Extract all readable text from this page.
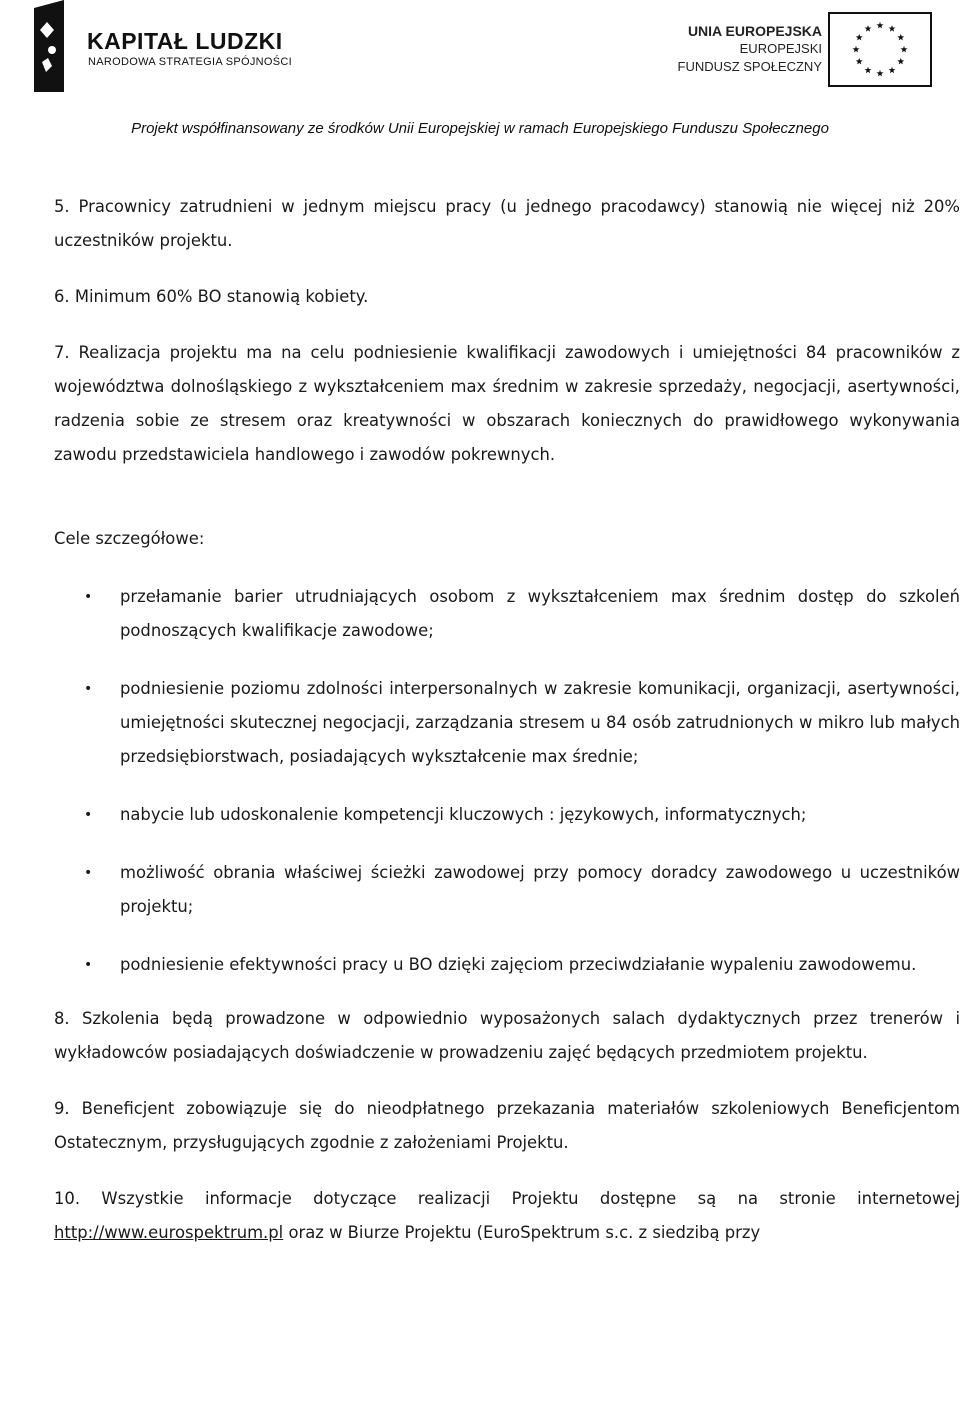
KAPITAŁ LUDZKI
NARODOWA STRATEGIA SPÓJNOŚCI
UNIA EUROPEJSKA
EUROPEJSKI
FUNDUSZ SPOŁECZNY
Projekt współfinansowany ze środków Unii Europejskiej w ramach Europejskiego Funduszu Społecznego

5. Pracownicy zatrudnieni w jednym miejscu pracy (u jednego pracodawcy) stanowią nie więcej niż 20% uczestników projektu.

6. Minimum 60% BO stanowią kobiety.

7. Realizacja projektu ma na celu podniesienie kwalifikacji zawodowych i umiejętności 84 pracowników z województwa dolnośląskiego z wykształceniem max średnim w zakresie sprzedaży, negocjacji, asertywności, radzenia sobie ze stresem oraz kreatywności w obszarach koniecznych do prawidłowego wykonywania zawodu przedstawiciela handlowego i zawodów pokrewnych.

Cele szczegółowe:

• przełamanie barier utrudniających osobom z wykształceniem max średnim dostęp do szkoleń podnoszących kwalifikacje zawodowe;
• podniesienie poziomu zdolności interpersonalnych w zakresie komunikacji, organizacji, asertywności, umiejętności skutecznej negocjacji, zarządzania stresem u 84 osób zatrudnionych w mikro lub małych przedsiębiorstwach, posiadających wykształcenie max średnie;
• nabycie lub udoskonalenie kompetencji kluczowych : językowych, informatycznych;
• możliwość obrania właściwej ścieżki zawodowej przy pomocy doradcy zawodowego u uczestników projektu;
• podniesienie efektywności pracy u BO dzięki zajęciom przeciwdziałanie wypaleniu zawodowemu.

8. Szkolenia będą prowadzone w odpowiednio wyposażonych salach dydaktycznych przez trenerów i wykładowców posiadających doświadczenie w prowadzeniu zajęć będących przedmiotem projektu.

9. Beneficjent zobowiązuje się do nieodpłatnego przekazania materiałów szkoleniowych Beneficjentom Ostatecznym, przysługujących zgodnie z założeniami Projektu.

10. Wszystkie informacje dotyczące realizacji Projektu dostępne są na stronie internetowej http://www.eurospektrum.pl oraz w Biurze Projektu (EuroSpektrum s.c. z siedzibą przy
